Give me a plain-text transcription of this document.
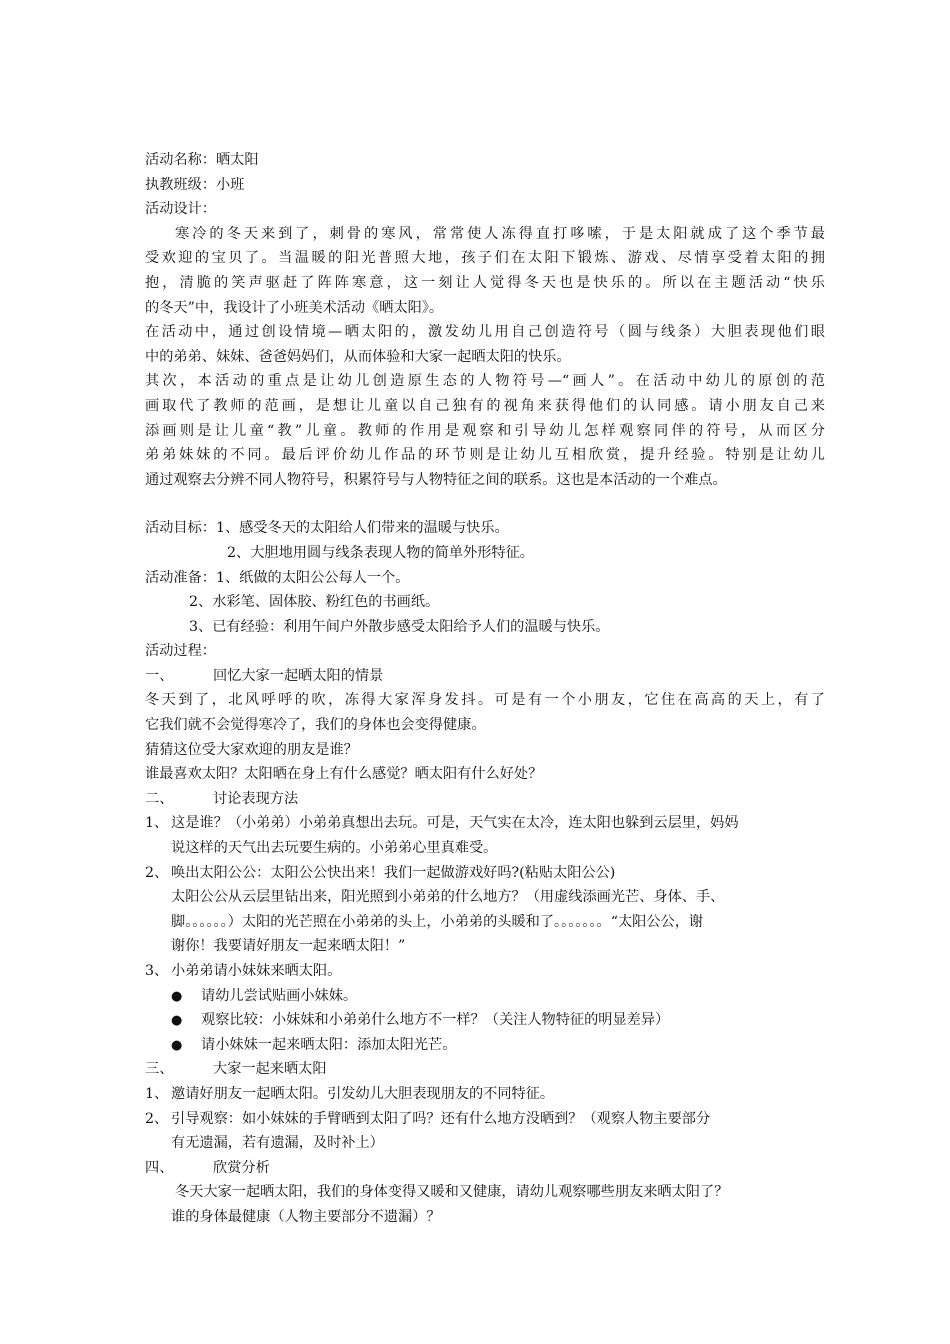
活动名称：晒太阳
执教班级：小班
活动设计：
寒冷的冬天来到了，刺骨的寒风，常常使人冻得直打哆嗦，于是太阳就成了这个季节最
受欢迎的宝贝了。当温暖的阳光普照大地，孩子们在太阳下锻炼、游戏、尽情享受着太阳的拥
抱，清脆的笑声驱赶了阵阵寒意，这一刻让人觉得冬天也是快乐的。所以在主题活动“快乐
的冬天”中，我设计了小班美术活动《晒太阳》。
在活动中，通过创设情境—晒太阳的，激发幼儿用自己创造符号（圆与线条）大胆表现他们眼
中的弟弟、妹妹、爸爸妈妈们，从而体验和大家一起晒太阳的快乐。
其次，本活动的重点是让幼儿创造原生态的人物符号—“画人”。在活动中幼儿的原创的范
画取代了教师的范画，是想让儿童以自己独有的视角来获得他们的认同感。请小朋友自己来
添画则是让儿童“教”儿童。教师的作用是观察和引导幼儿怎样观察同伴的符号，从而区分
弟弟妹妹的不同。最后评价幼儿作品的环节则是让幼儿互相欣赏，提升经验。特别是让幼儿
通过观察去分辨不同人物符号，积累符号与人物特征之间的联系。这也是本活动的一个难点。
活动目标：1、感受冬天的太阳给人们带来的温暖与快乐。
2、大胆地用圆与线条表现人物的简单外形特征。
活动准备：1、纸做的太阳公公每人一个。
2、水彩笔、固体胶、粉红色的书画纸。
3、已有经验：利用午间户外散步感受太阳给予人们的温暖与快乐。
活动过程：
一、	回忆大家一起晒太阳的情景
冬天到了，北风呼呼的吹，冻得大家浑身发抖。可是有一个小朋友，它住在高高的天上，有了
它我们就不会觉得寒冷了，我们的身体也会变得健康。
猜猜这位受大家欢迎的朋友是谁？
谁最喜欢太阳？太阳晒在身上有什么感觉？晒太阳有什么好处？
二、	讨论表现方法
1、 这是谁？（小弟弟）小弟弟真想出去玩。可是，天气实在太冷，连太阳也躲到云层里，妈妈
说这样的天气出去玩要生病的。小弟弟心里真难受。
2、 唤出太阳公公：太阳公公快出来！我们一起做游戏好吗?(粘贴太阳公公)
太阳公公从云层里钻出来，阳光照到小弟弟的什么地方？（用虚线添画光芒、身体、手、
脚。。。。。。）太阳的光芒照在小弟弟的头上，小弟弟的头暖和了。。。。。。。“太阳公公，谢
谢你！我要请好朋友一起来晒太阳！”
3、 小弟弟请小妹妹来晒太阳。
● 请幼儿尝试贴画小妹妹。
● 观察比较：小妹妹和小弟弟什么地方不一样？（关注人物特征的明显差异）
● 请小妹妹一起来晒太阳：添加太阳光芒。
三、	大家一起来晒太阳
1、 邀请好朋友一起晒太阳。引发幼儿大胆表现朋友的不同特征。
2、 引导观察：如小妹妹的手臂晒到太阳了吗？还有什么地方没晒到？（观察人物主要部分
有无遗漏，若有遗漏，及时补上）
四、	欣赏分析
冬天大家一起晒太阳，我们的身体变得又暖和又健康，请幼儿观察哪些朋友来晒太阳了？
谁的身体最健康（人物主要部分不遗漏）？
